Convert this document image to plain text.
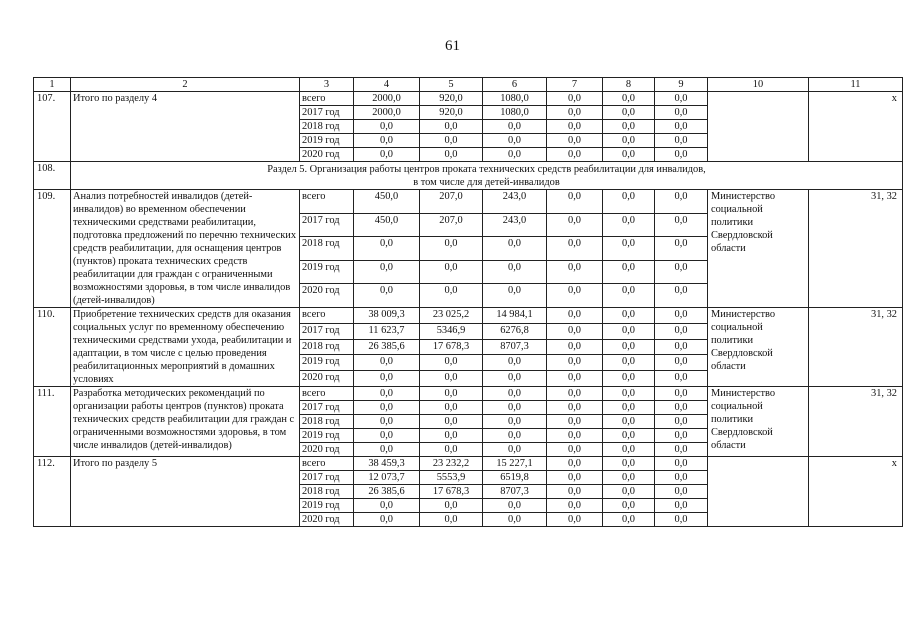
61
1	2	3	4	5	6	7	8	9	10	11
107.	Итого по разделу 4	всего	2000,0	920,0	1080,0	0,0	0,0	0,0		x
		2017 год	2000,0	920,0	1080,0	0,0	0,0	0,0		
		2018 год	0,0	0,0	0,0	0,0	0,0	0,0		
		2019 год	0,0	0,0	0,0	0,0	0,0	0,0		
		2020 год	0,0	0,0	0,0	0,0	0,0	0,0		
108.	Раздел 5. Организация работы центров проката технических средств реабилитации для инвалидов,
в том числе для детей-инвалидов									

109.	Анализ потребностей инвалидов (детей-инвалидов) во временном обеспечении техническими средствами реабилитации, подготовка предложений по перечню технических средств реабилитации, для оснащения центров (пунктов) проката технических средств реабилитации для граждан с ограниченными возможностями здоровья, в том числе инвалидов (детей-инвалидов)	всего	450,0	207,0	243,0	0,0	0,0	0,0	Министерство социальной политики Свердловской области	31, 32
		2017 год	450,0	207,0	243,0	0,0	0,0	0,0		
		2018 год	0,0	0,0	0,0	0,0	0,0	0,0		
		2019 год	0,0	0,0	0,0	0,0	0,0	0,0		
		2020 год	0,0	0,0	0,0	0,0	0,0	0,0		
110.	Приобретение технических средств для оказания социальных услуг по временному обеспечению техническими средствами ухода, реабилитации и адаптации, в том числе с целью проведения реабилитационных мероприятий в домашних условиях	всего	38 009,3	23 025,2	14 984,1	0,0	0,0	0,0	Министерство социальной политики Свердловской области	31, 32
		2017 год	11 623,7	5346,9	6276,8	0,0	0,0	0,0		
		2018 год	26 385,6	17 678,3	8707,3	0,0	0,0	0,0		
		2019 год	0,0	0,0	0,0	0,0	0,0	0,0		
		2020 год	0,0	0,0	0,0	0,0	0,0	0,0		
111.	Разработка методических рекомендаций по организации работы центров (пунктов) проката технических средств реабилитации для граждан с ограниченными возможностями здоровья, в том числе инвалидов (детей-инвалидов)	всего	0,0	0,0	0,0	0,0	0,0	0,0	Министерство социальной политики Свердловской области	31, 32
		2017 год	0,0	0,0	0,0	0,0	0,0	0,0		
		2018 год	0,0	0,0	0,0	0,0	0,0	0,0		
		2019 год	0,0	0,0	0,0	0,0	0,0	0,0		
		2020 год	0,0	0,0	0,0	0,0	0,0	0,0		
112.	Итого по разделу 5	всего	38 459,3	23 232,2	15 227,1	0,0	0,0	0,0		x
		2017 год	12 073,7	5553,9	6519,8	0,0	0,0	0,0		
		2018 год	26 385,6	17 678,3	8707,3	0,0	0,0	0,0		
		2019 год	0,0	0,0	0,0	0,0	0,0	0,0		
		2020 год	0,0	0,0	0,0	0,0	0,0	0,0		
